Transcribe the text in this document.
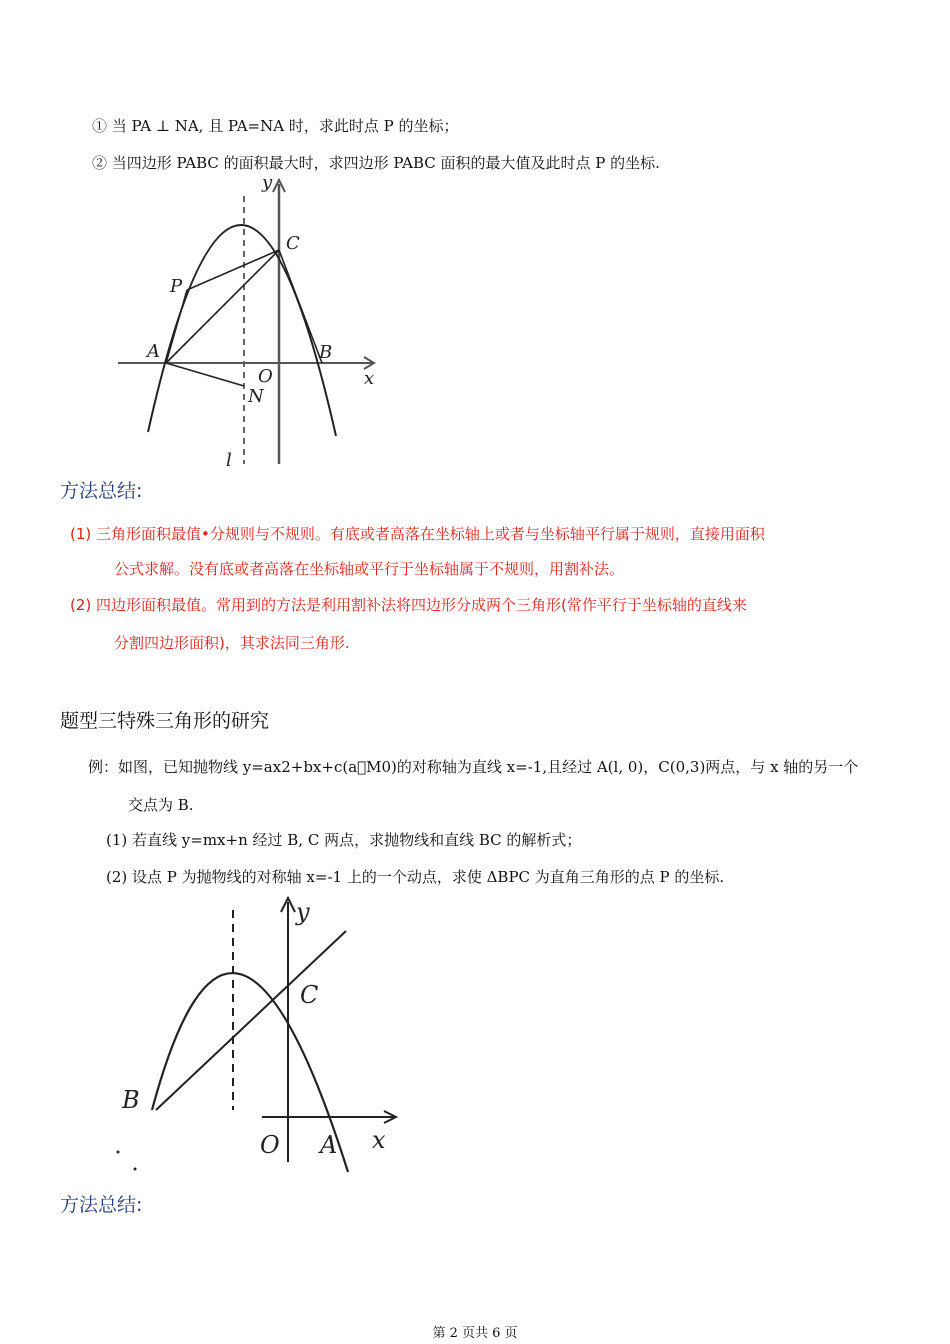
① 当 PA ⊥ NA, 且 PA=NA 时，求此时点 P 的坐标；
② 当四边形 PABC 的面积最大时，求四边形 PABC 面积的最大值及此时点 P 的坐标.
y
C
P
A	B
O	x
N
l
方法总结:
(1) 三角形面积最值•分规则与不规则。有底或者高落在坐标轴上或者与坐标轴平行属于规则，直接用面积
公式求解。没有底或者高落在坐标轴或平行于坐标轴属于不规则，用割补法。
(2) 四边形面积最值。常用到的方法是利用割补法将四边形分成两个三角形(常作平行于坐标轴的直线来
分割四边形面积)，其求法同三角形.
题型三特殊三角形的研究
例：如图，已知抛物线 y=ax2+bx+c(a M0)的对称轴为直线 x=-1,且经过 A(l, 0)，C(0,3)两点，与 x 轴的另一个
交点为 B.
(1) 若直线 y=mx+n 经过 B, C 两点，求抛物线和直线 BC 的解析式；
(2) 设点 P 为抛物线的对称轴 x=-1 上的一个动点，求使 ΔBPC 为直角三角形的点 P 的坐标.
y
C
B
O A x
方法总结:
第 2 页共 6 页
